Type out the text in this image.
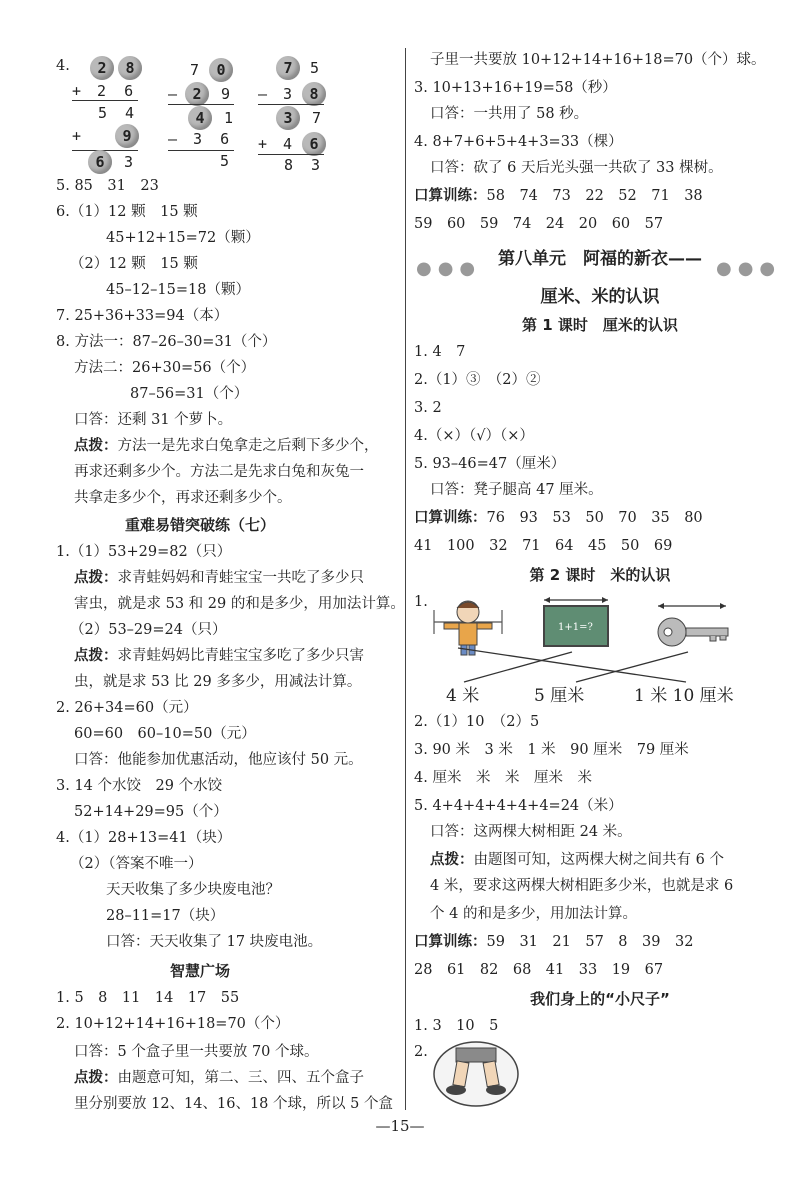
4.	2 8
+ 2 6
5 4
+	9
6 3
7 0
– 2 9
4 1
– 3 6
5
7 5
– 3 8
3 7
+ 4 6
8 3
5. 85　31　23
6.（1）12 颗　15 颗
45+12+15=72（颗）
（2）12 颗　15 颗
45–12–15=18（颗）
7. 25+36+33=94（本）
8. 方法一：87–26–30=31（个）
方法二：26+30=56（个）
87–56=31（个）
口答：还剩 31 个萝卜。
点拨：方法一是先求白兔拿走之后剩下多少个，
再求还剩多少个。方法二是先求白兔和灰兔一
共拿走多少个，再求还剩多少个。
重难易错突破练（七）
1.（1）53+29=82（只）
点拨：求青蛙妈妈和青蛙宝宝一共吃了多少只
害虫，就是求 53 和 29 的和是多少，用加法计算。
（2）53–29=24（只）
点拨：求青蛙妈妈比青蛙宝宝多吃了多少只害
虫，就是求 53 比 29 多多少，用减法计算。
2. 26+34=60（元）
60=60　60–10=50（元）
口答：他能参加优惠活动，他应该付 50 元。
3. 14 个水饺　29 个水饺
52+14+29=95（个）
4.（1）28+13=41（块）
（2）（答案不唯一）
天天收集了多少块废电池？
28–11=17（块）
口答：天天收集了 17 块废电池。
智慧广场
1. 5　8　11　14　17　55
2. 10+12+14+16+18=70（个）
口答：5 个盒子里一共要放 70 个球。
点拨：由题意可知，第二、三、四、五个盒子
里分别要放 12、14、16、18 个球，所以 5 个盒
子里一共要放 10+12+14+16+18=70（个）球。
3. 10+13+16+19=58（秒）
口答：一共用了 58 秒。
4. 8+7+6+5+4+3=33（棵）
口答：砍了 6 天后光头强一共砍了 33 棵树。
口算训练：58　74　73　22　52　71　38
59　60　59　74　24　20　60　57
第八单元　阿福的新衣——
●●●	●●●
厘米、米的认识
第 1 课时　厘米的认识
1. 4　7
2.（1）③　（2）②
3. 2
4.（×）（√）（×）
5. 93–46=47（厘米）
口答：凳子腿高 47 厘米。
口算训练：76　93　53　50　70　35　80
41　100　32　71　64　45　50　69
第 2 课时　米的认识
1.
1+1=?
4 米	5 厘米	1 米 10 厘米
2.（1）10　（2）5
3. 90 米　3 米　1 米　90 厘米　79 厘米
4. 厘米　米　米　厘米　米
5. 4+4+4+4+4+4=24（米）
口答：这两棵大树相距 24 米。
点拨：由题图可知，这两棵大树之间共有 6 个
4 米，要求这两棵大树相距多少米，也就是求 6
个 4 的和是多少，用加法计算。
口算训练：59　31　21　57　8　39　32
28　61　82　68　41　33　19　67
我们身上的“小尺子”
1. 3　10　5
2.
—15—
